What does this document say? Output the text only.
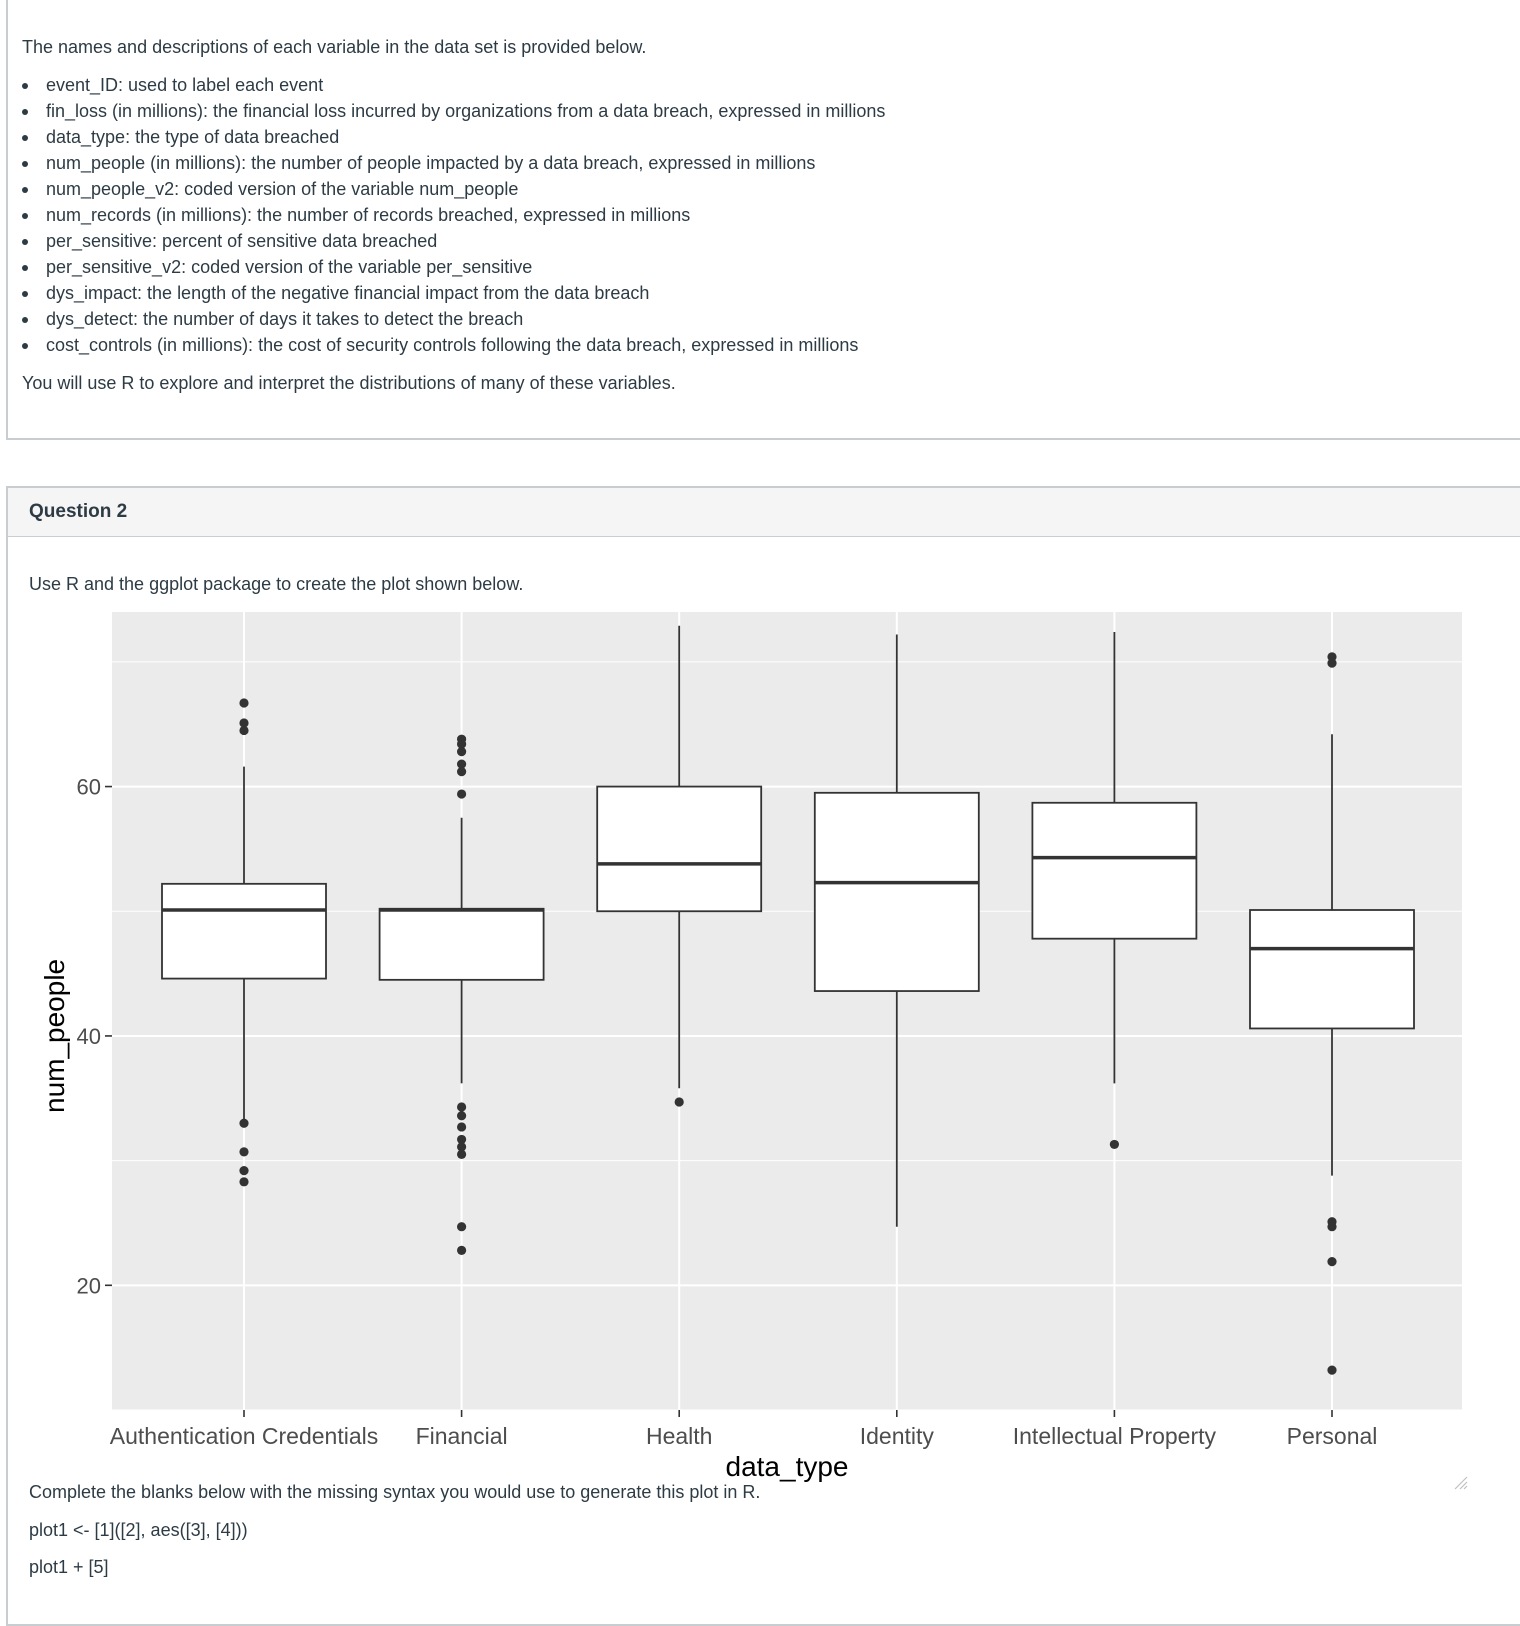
The names and descriptions of each variable in the data set is provided below.

event_ID: used to label each event
fin_loss (in millions): the financial loss incurred by organizations from a data breach, expressed in millions
data_type: the type of data breached
num_people (in millions): the number of people impacted by a data breach, expressed in millions
num_people_v2: coded version of the variable num_people
num_records (in millions): the number of records breached, expressed in millions
per_sensitive: percent of sensitive data breached
per_sensitive_v2: coded version of the variable per_sensitive
dys_impact: the length of the negative financial impact from the data breach
dys_detect: the number of days it takes to detect the breach
cost_controls (in millions): the cost of security controls following the data breach, expressed in millions

You will use R to explore and interpret the distributions of many of these variables.

Question 2
Use R and the ggplot package to create the plot shown below.
Complete the blanks below with the missing syntax you would use to generate this plot in R.
plot1 <- [1]([2], aes([3], [4]))
plot1 + [5]
20
40
60
Authentication Credentials Financial	Health	Identity	Intellectual Property	Personal
data_type
num_people
